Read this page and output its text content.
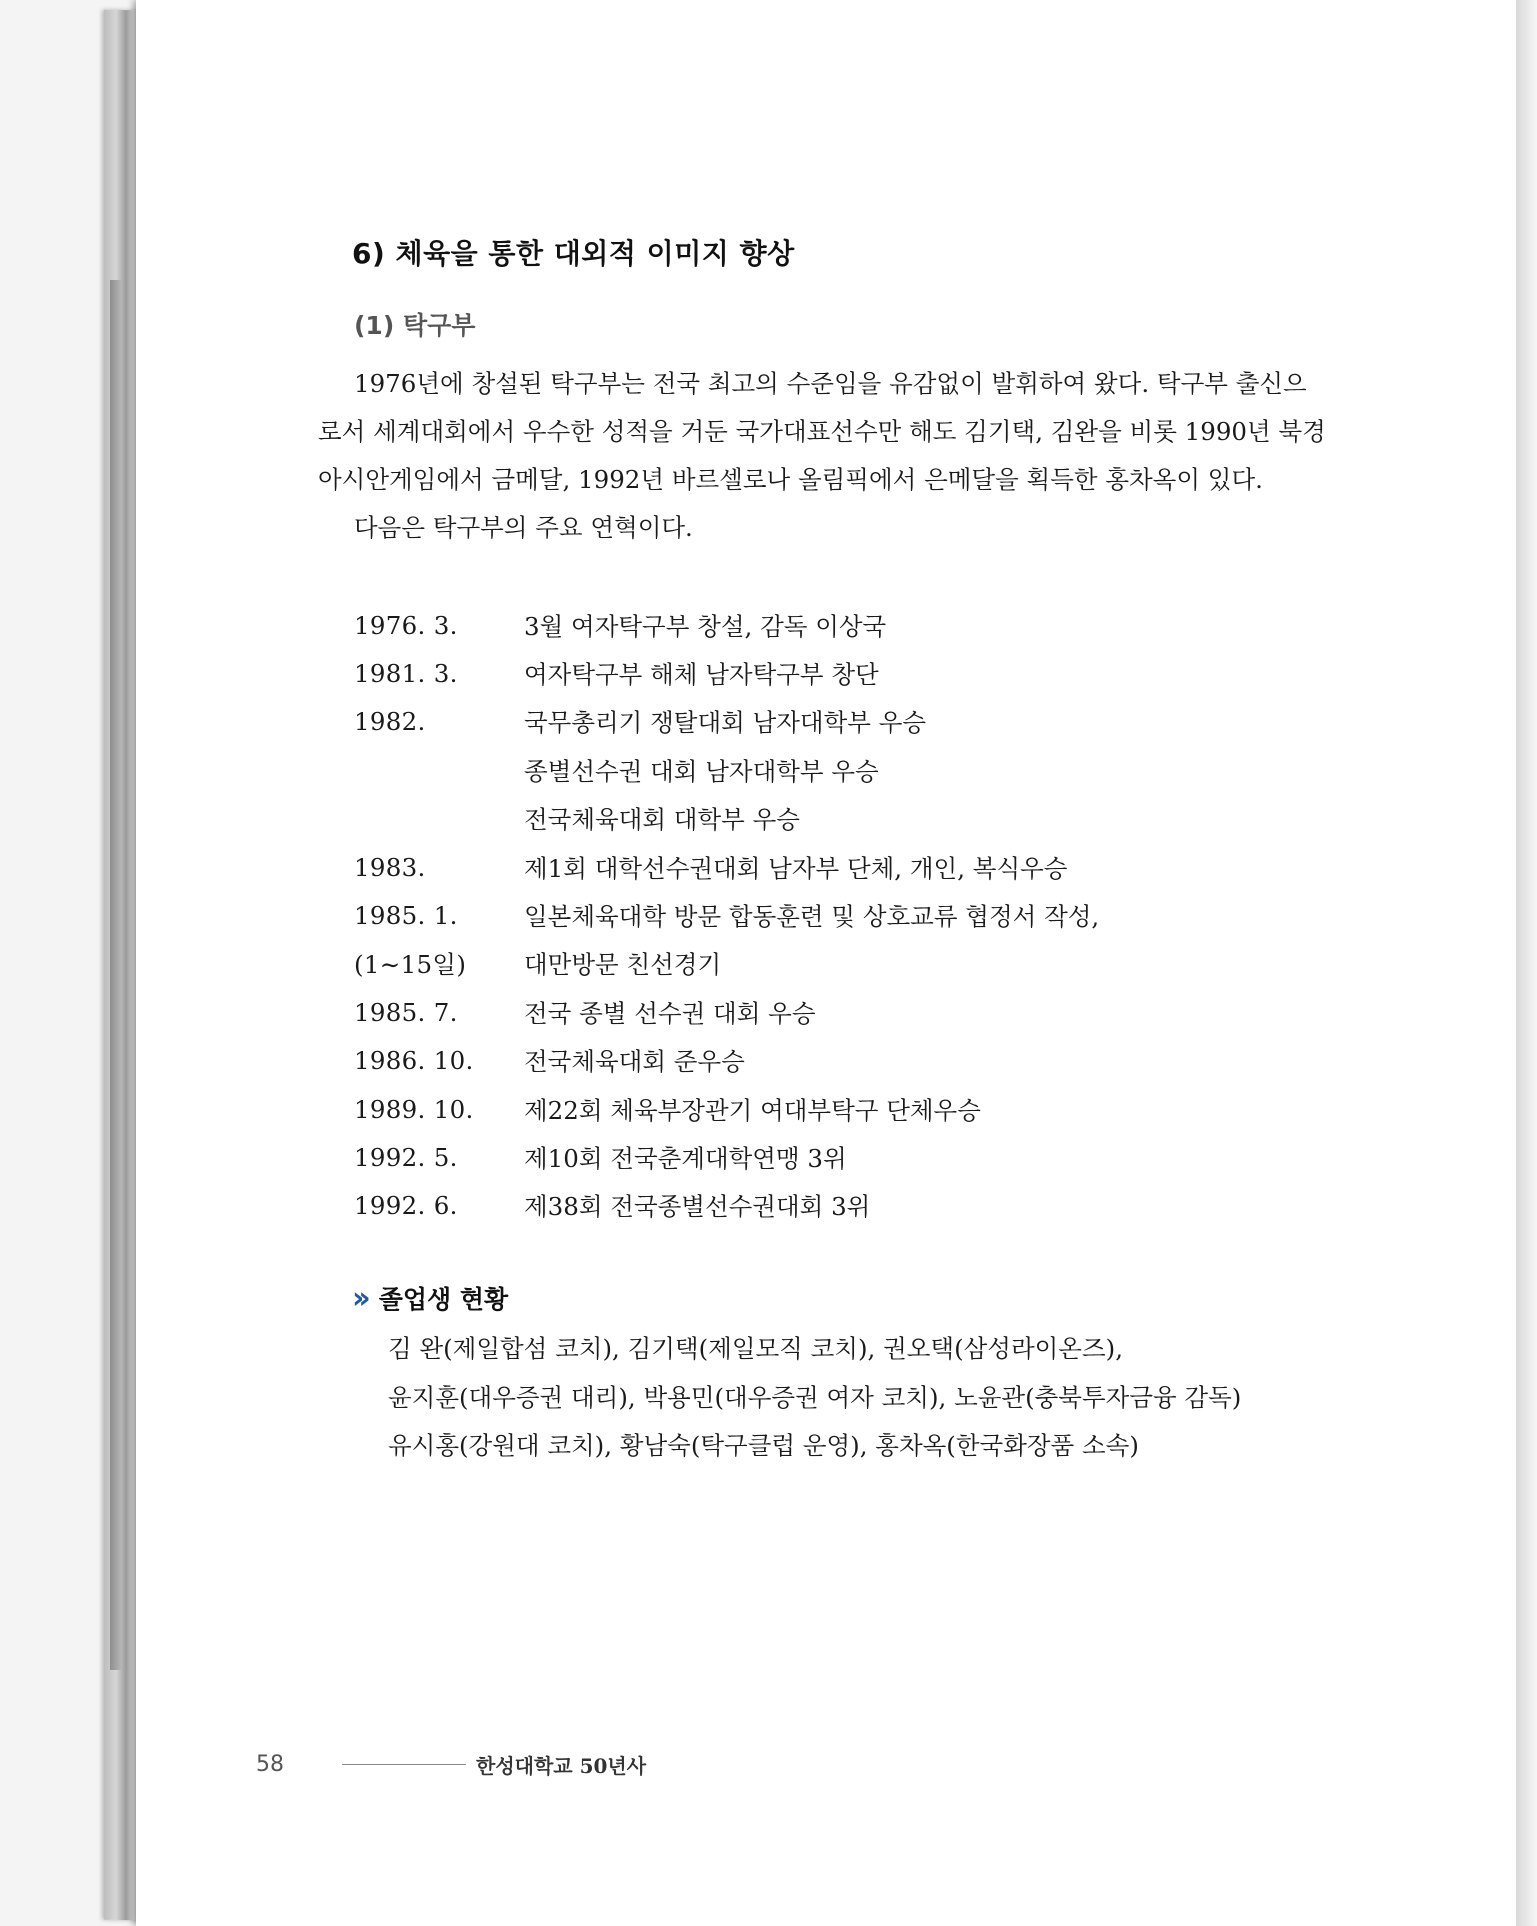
6) 체육을 통한 대외적 이미지 향상
(1) 탁구부
1976년에 창설된 탁구부는 전국 최고의 수준임을 유감없이 발휘하여 왔다. 탁구부 출신으
로서 세계대회에서 우수한 성적을 거둔 국가대표선수만 해도 김기택, 김완을 비롯 1990년 북경
아시안게임에서 금메달, 1992년 바르셀로나 올림픽에서 은메달을 획득한 홍차옥이 있다.
다음은 탁구부의 주요 연혁이다.
1976. 3.	3월 여자탁구부 창설, 감독 이상국
1981. 3.	여자탁구부 해체 남자탁구부 창단
1982.	국무총리기 쟁탈대회 남자대학부 우승
종별선수권 대회 남자대학부 우승
전국체육대회 대학부 우승
1983.	제1회 대학선수권대회 남자부 단체, 개인, 복식우승
1985. 1.	일본체육대학 방문 합동훈련 및 상호교류 협정서 작성,
(1∼15일)	대만방문 친선경기
1985. 7.	전국 종별 선수권 대회 우승
1986. 10.	전국체육대회 준우승
1989. 10.	제22회 체육부장관기 여대부탁구 단체우승
1992. 5.	제10회 전국춘계대학연맹 3위
1992. 6.	제38회 전국종별선수권대회 3위
›› 졸업생 현황
김 완(제일합섬 코치), 김기택(제일모직 코치), 권오택(삼성라이온즈),
윤지훈(대우증권 대리), 박용민(대우증권 여자 코치), 노윤관(충북투자금융 감독)
유시홍(강원대 코치), 황남숙(탁구클럽 운영), 홍차옥(한국화장품 소속)
58	한성대학교 50년사
